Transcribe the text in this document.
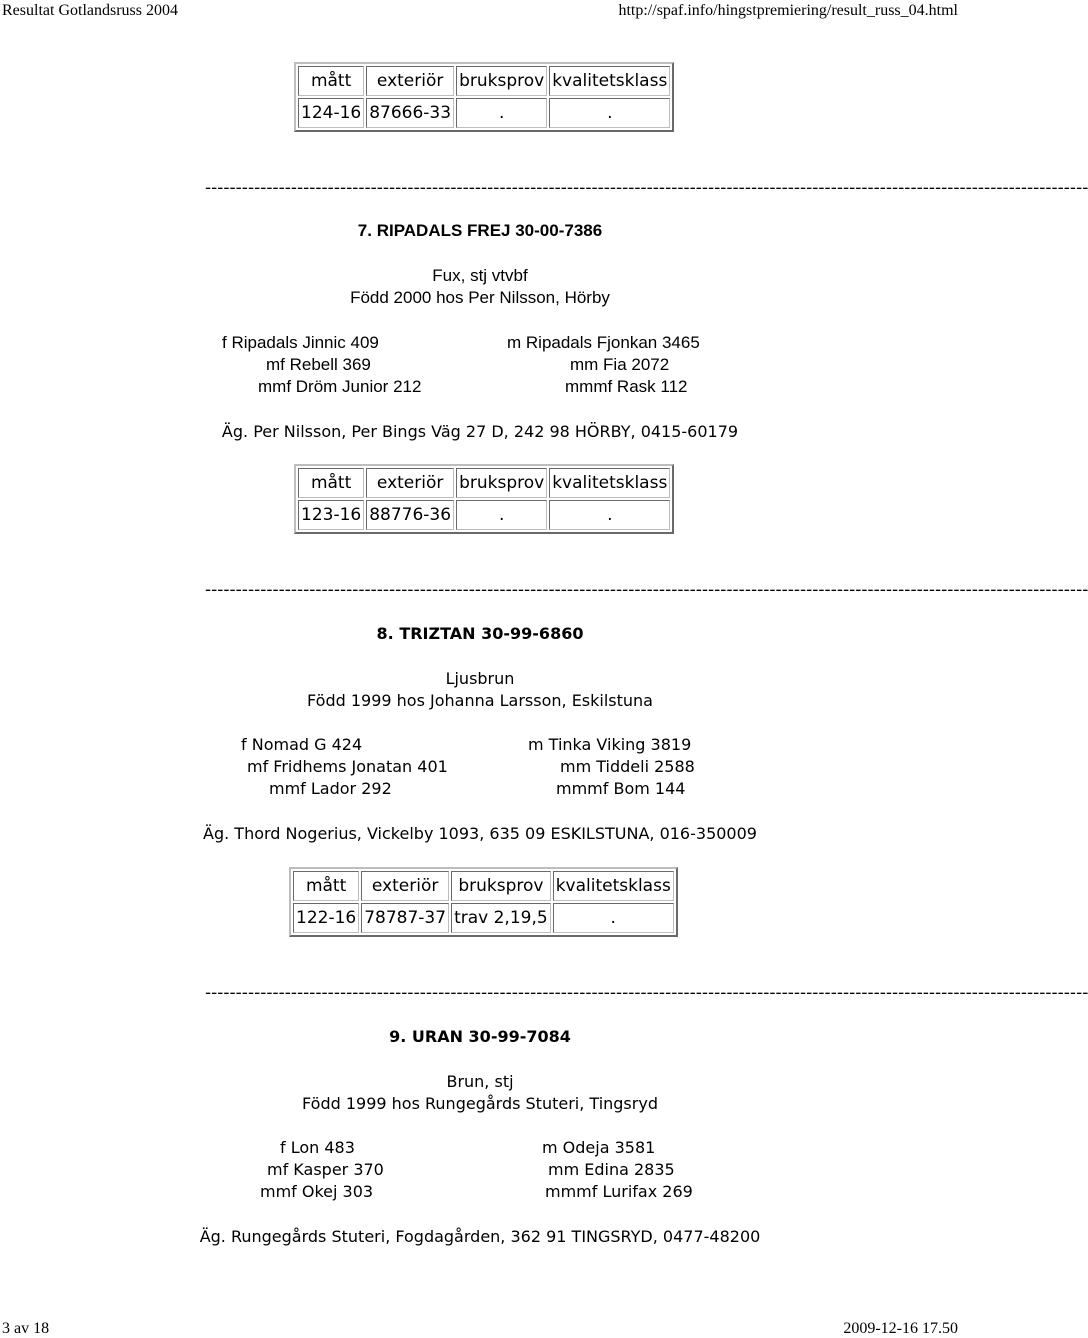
Resultat Gotlandsruss 2004	http://spaf.info/hingstpremiering/result_russ_04.html
mått	exteriör	bruksprov	kvalitetsklass
124-16	87666-33	.	.
------------------------------------------------------------------------------------------------------------------------------------------------
7. RIPADALS FREJ 30-00-7386
Fux, stj vtvbf
Född 2000 hos Per Nilsson, Hörby
f Ripadals Jinnic 409	m Ripadals Fjonkan 3465
mf Rebell 369	mm Fia 2072
mmf Dröm Junior 212	mmmf Rask 112
Äg. Per Nilsson, Per Bings Väg 27 D, 242 98 HÖRBY, 0415-60179
mått	exteriör	bruksprov	kvalitetsklass
123-16	88776-36	.	.
------------------------------------------------------------------------------------------------------------------------------------------------
8. TRIZTAN 30-99-6860
Ljusbrun
Född 1999 hos Johanna Larsson, Eskilstuna
f Nomad G 424	m Tinka Viking 3819
mf Fridhems Jonatan 401	mm Tiddeli 2588
mmf Lador 292	mmmf Bom 144
Äg. Thord Nogerius, Vickelby 1093, 635 09 ESKILSTUNA, 016-350009
mått	exteriör	bruksprov	kvalitetsklass
122-16	78787-37	trav 2,19,5	.
------------------------------------------------------------------------------------------------------------------------------------------------
9. URAN 30-99-7084
Brun, stj
Född 1999 hos Rungegårds Stuteri, Tingsryd
f Lon 483	m Odeja 3581
mf Kasper 370	mm Edina 2835
mmf Okej 303	mmmf Lurifax 269
Äg. Rungegårds Stuteri, Fogdagården, 362 91 TINGSRYD, 0477-48200
3 av 18	2009-12-16 17.50
